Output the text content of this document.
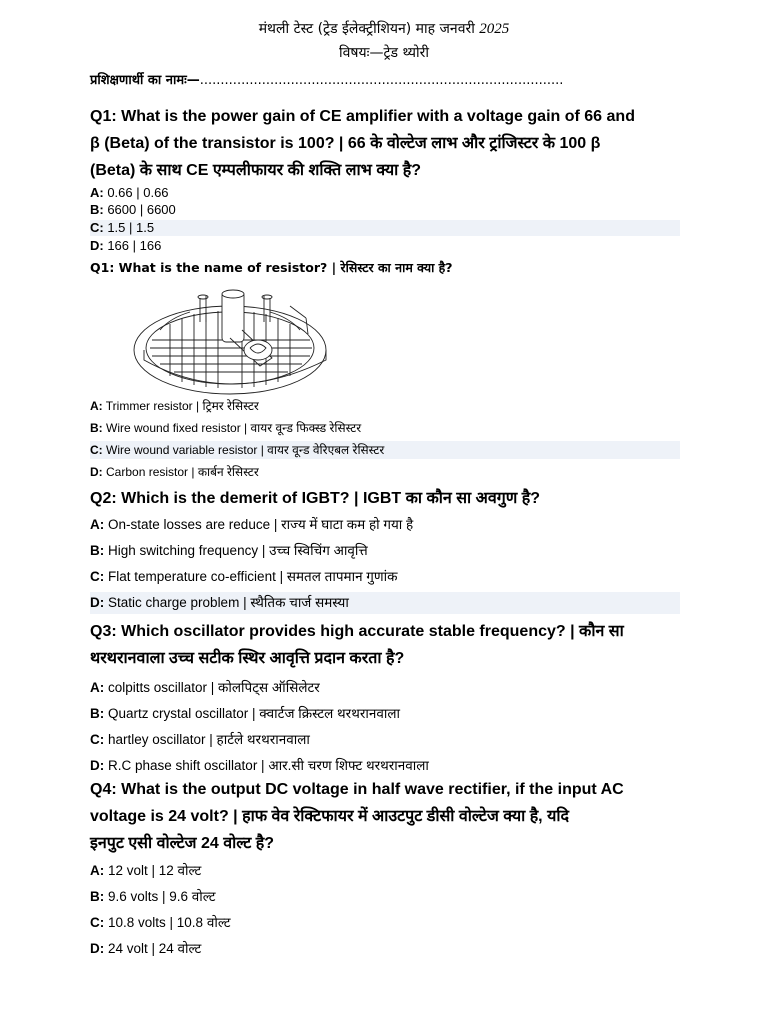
मंथली टेस्ट (ट्रेड ईलेक्ट्रीशियन) माह जनवरी 2025
विषयः—ट्रेड थ्योरी
प्रशिक्षणार्थी का नामः—........................................................................................
Q1: What is the power gain of CE amplifier with a voltage gain of 66 and
β (Beta) of the transistor is 100? | 66 के वोल्टेज लाभ और ट्रांजिस्टर के 100 β
(Beta) के साथ CE एम्पलीफायर की शक्ति लाभ क्या है?
A: 0.66 | 0.66
B: 6600 | 6600
C: 1.5 | 1.5
D: 166 | 166
Q1: What is the name of resistor? | रेसिस्टर का नाम क्या है?
A: Trimmer resistor | ट्रिमर रेसिस्टर
B: Wire wound fixed resistor | वायर वून्ड फिक्स्ड रेसिस्टर
C: Wire wound variable resistor | वायर वून्ड वेरिएबल रेसिस्टर
D: Carbon resistor | कार्बन रेसिस्टर
Q2: Which is the demerit of IGBT? | IGBT का कौन सा अवगुण है?
A: On-state losses are reduce | राज्य में घाटा कम हो गया है
B: High switching frequency | उच्च स्विचिंग आवृत्ति
C: Flat temperature co-efficient | समतल तापमान गुणांक
D: Static charge problem | स्थैतिक चार्ज समस्या
Q3: Which oscillator provides high accurate stable frequency? | कौन सा
थरथरानवाला उच्च सटीक स्थिर आवृत्ति प्रदान करता है?
A: colpitts oscillator | कोलपिट्स ऑसिलेटर
B: Quartz crystal oscillator | क्वार्टज क्रिस्टल थरथरानवाला
C: hartley oscillator | हार्टले थरथरानवाला
D: R.C phase shift oscillator | आर.सी चरण शिफ्ट थरथरानवाला
Q4: What is the output DC voltage in half wave rectifier, if the input AC
voltage is 24 volt? | हाफ वेव रेक्टिफायर में आउटपुट डीसी वोल्टेज क्या है, यदि
इनपुट एसी वोल्टेज 24 वोल्ट है?
A: 12 volt | 12 वोल्ट
B: 9.6 volts | 9.6 वोल्ट
C: 10.8 volts | 10.8 वोल्ट
D: 24 volt | 24 वोल्ट
